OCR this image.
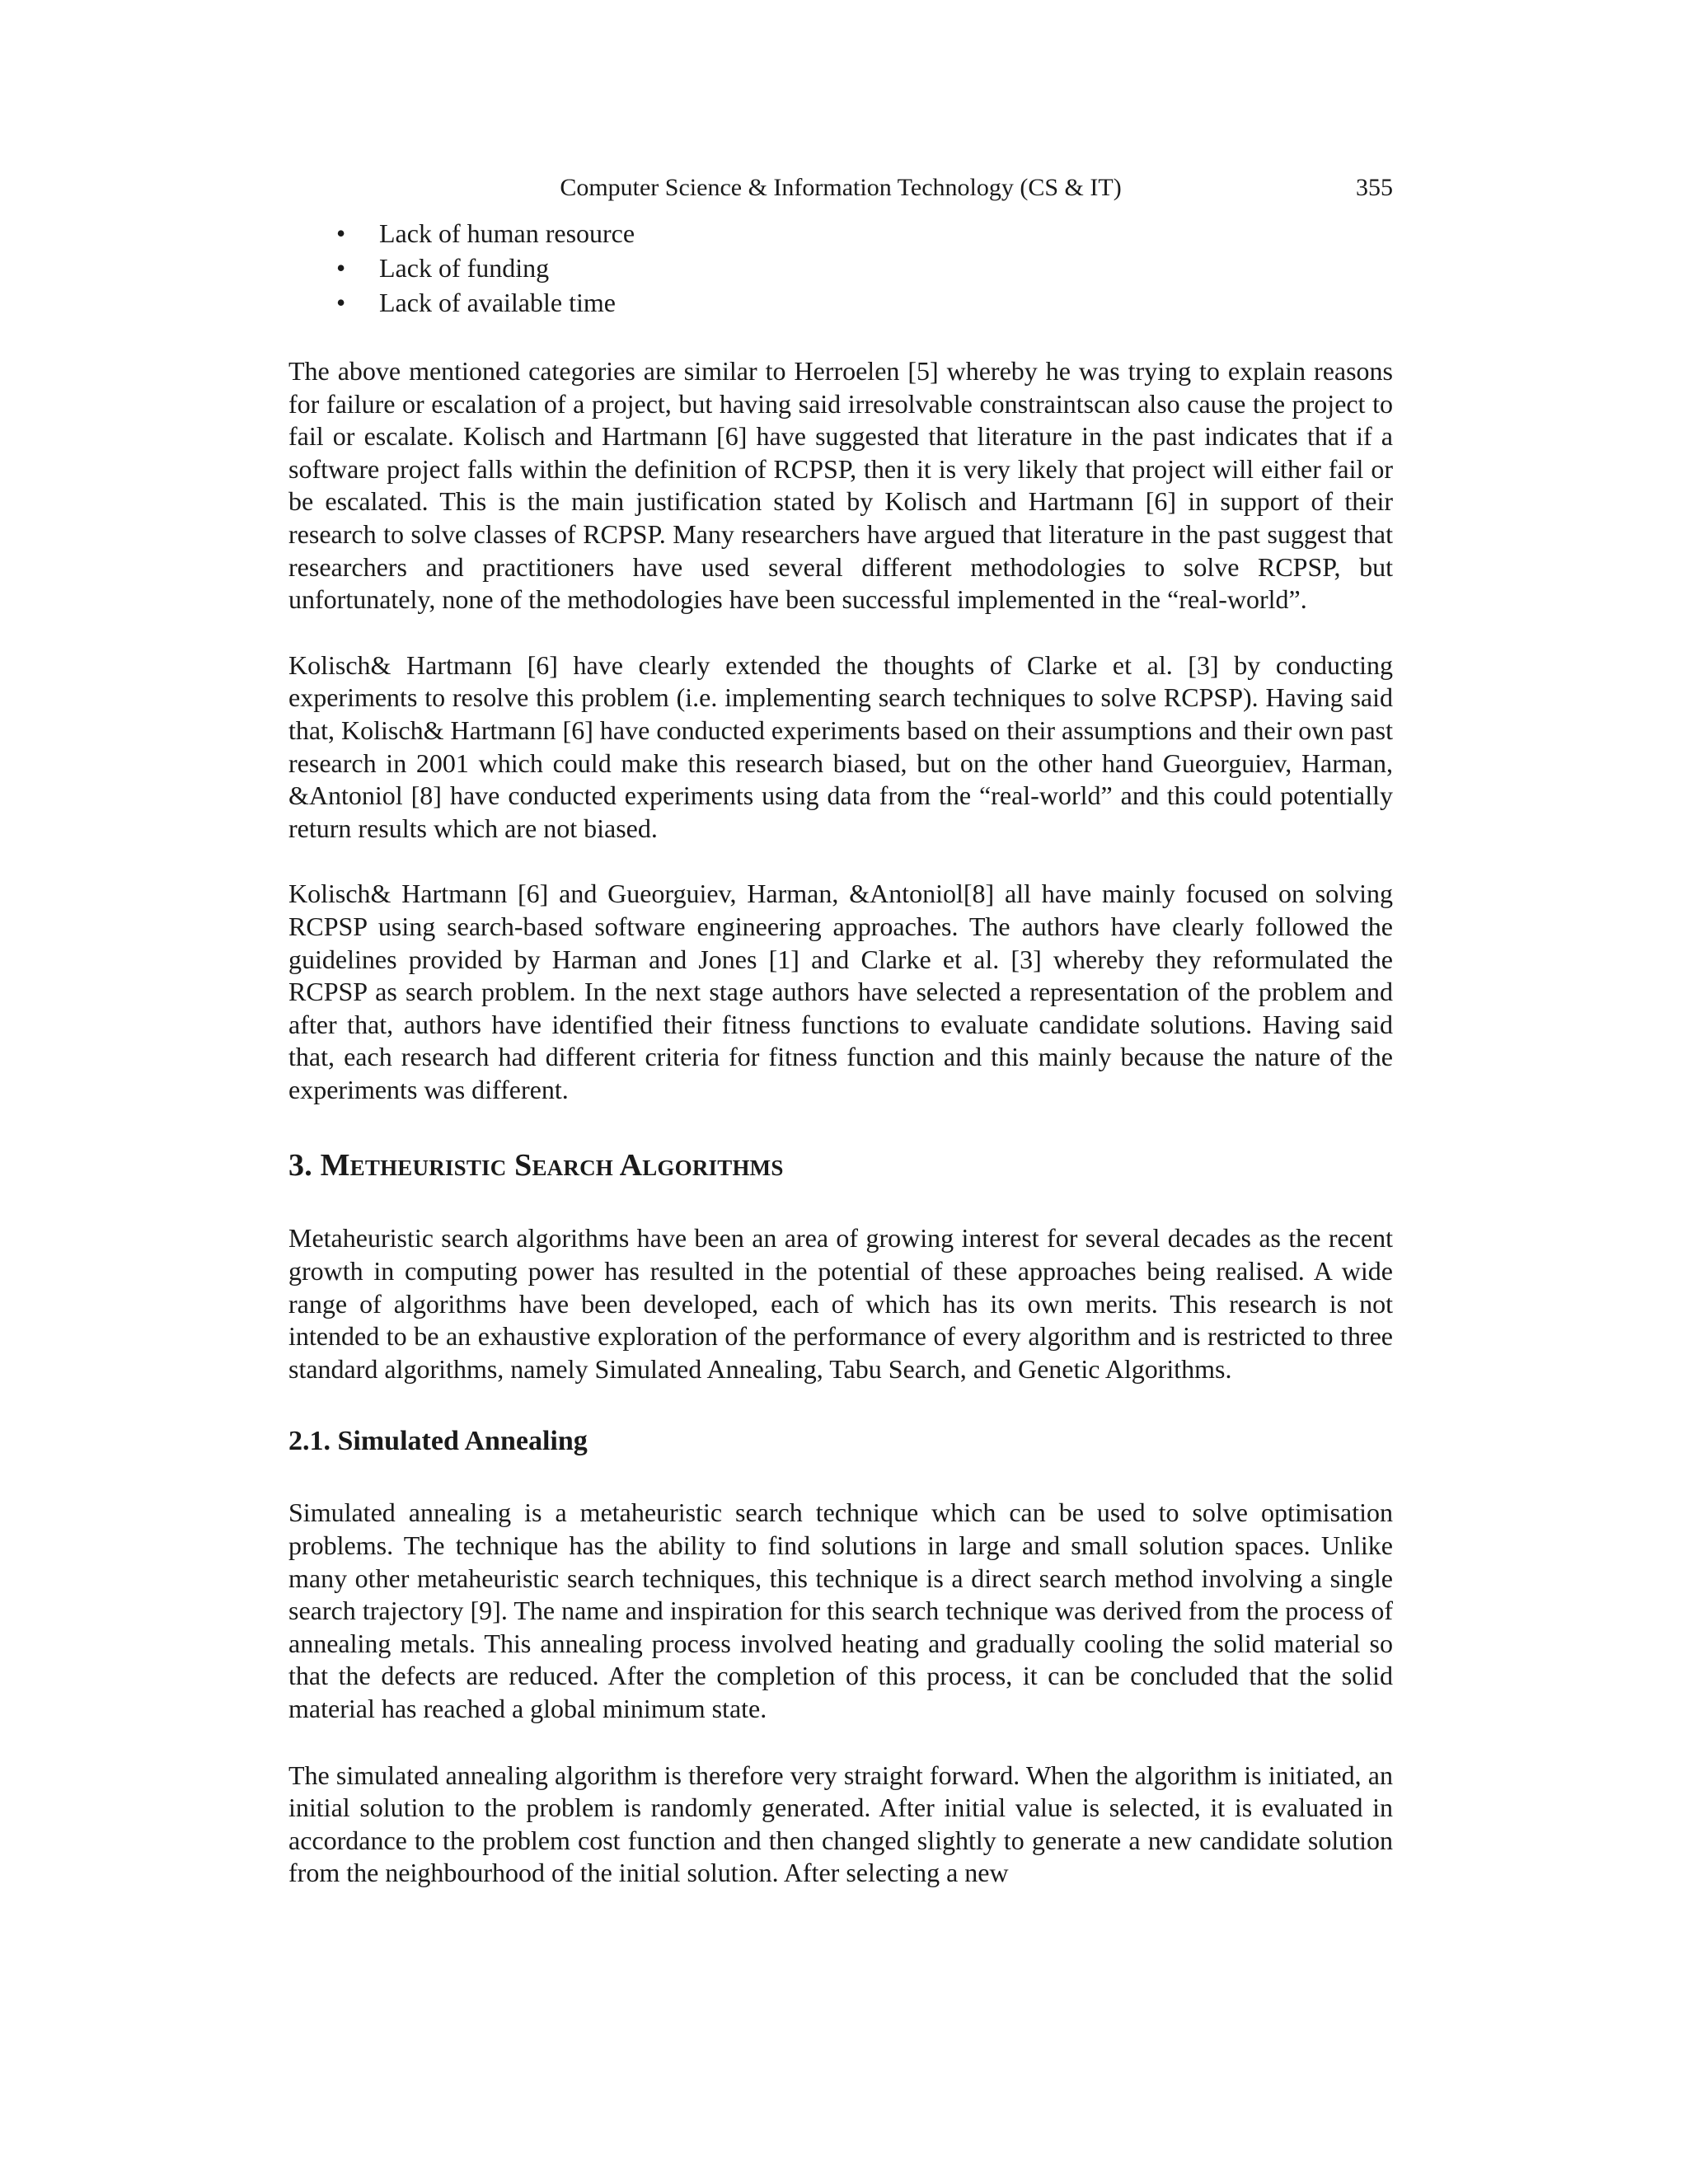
Computer Science & Information Technology (CS & IT)	355
• Lack of human resource
• Lack of funding
• Lack of available time

The above mentioned categories are similar to Herroelen [5] whereby he was trying to explain reasons for failure or escalation of a project, but having said irresolvable constraintscan also cause the project to fail or escalate. Kolisch and Hartmann [6] have suggested that literature in the past indicates that if a software project falls within the definition of RCPSP, then it is very likely that project will either fail or be escalated. This is the main justification stated by Kolisch and Hartmann [6] in support of their research to solve classes of RCPSP. Many researchers have argued that literature in the past suggest that researchers and practitioners have used several different methodologies to solve RCPSP, but unfortunately, none of the methodologies have been successful implemented in the “real-world”.

Kolisch& Hartmann [6] have clearly extended the thoughts of Clarke et al. [3] by conducting experiments to resolve this problem (i.e. implementing search techniques to solve RCPSP). Having said that, Kolisch& Hartmann [6] have conducted experiments based on their assumptions and their own past research in 2001 which could make this research biased, but on the other hand Gueorguiev, Harman, &Antoniol [8] have conducted experiments using data from the “real-world” and this could potentially return results which are not biased.

Kolisch& Hartmann [6] and Gueorguiev, Harman, &Antoniol[8] all have mainly focused on solving RCPSP using search-based software engineering approaches. The authors have clearly followed the guidelines provided by Harman and Jones [1] and Clarke et al. [3] whereby they reformulated the RCPSP as search problem. In the next stage authors have selected a representation of the problem and after that, authors have identified their fitness functions to evaluate candidate solutions. Having said that, each research had different criteria for fitness function and this mainly because the nature of the experiments was different.

3. Metheuristic Search Algorithms

Metaheuristic search algorithms have been an area of growing interest for several decades as the recent growth in computing power has resulted in the potential of these approaches being realised. A wide range of algorithms have been developed, each of which has its own merits. This research is not intended to be an exhaustive exploration of the performance of every algorithm and is restricted to three standard algorithms, namely Simulated Annealing, Tabu Search, and Genetic Algorithms.

2.1. Simulated Annealing

Simulated annealing is a metaheuristic search technique which can be used to solve optimisation problems. The technique has the ability to find solutions in large and small solution spaces. Unlike many other metaheuristic search techniques, this technique is a direct search method involving a single search trajectory [9]. The name and inspiration for this search technique was derived from the process of annealing metals. This annealing process involved heating and gradually cooling the solid material so that the defects are reduced. After the completion of this process, it can be concluded that the solid material has reached a global minimum state.

The simulated annealing algorithm is therefore very straight forward. When the algorithm is initiated, an initial solution to the problem is randomly generated. After initial value is selected, it is evaluated in accordance to the problem cost function and then changed slightly to generate a new candidate solution from the neighbourhood of the initial solution. After selecting a new
